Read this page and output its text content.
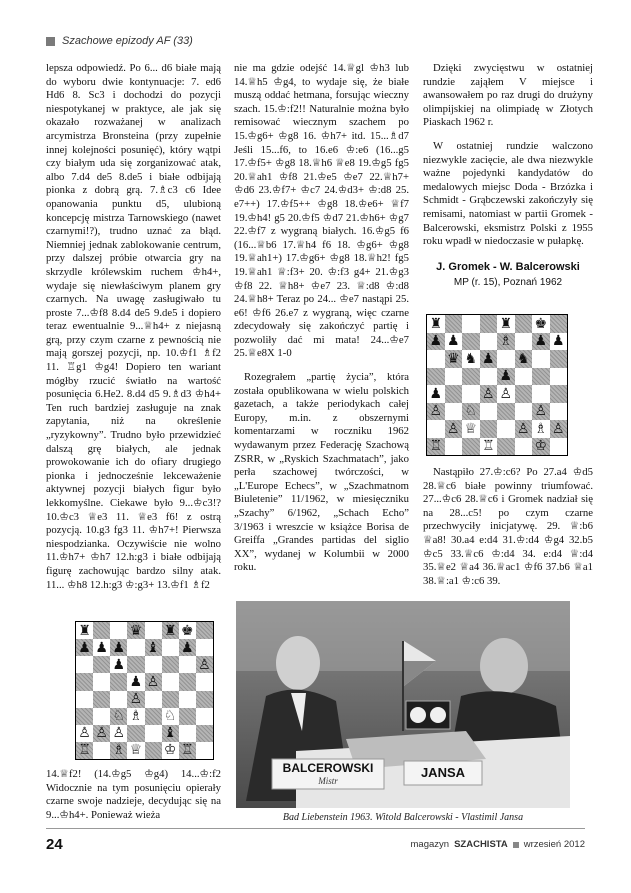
Szachowe epizody AF (33)

lepsza odpowiedź. Po 6... d6 białe mają do wyboru dwie kontynuacje: 7. ed6 Hd6 8. Sc3 i dochodzi do pozycji niespotykanej w praktyce, ale jak się okazało rozważanej w analizach arcymistrza Bronsteina (przy zupełnie innej kolejności posunięć), który wątpi czy białym uda się zorganizować atak, albo 7.d4 de5 8.de5 i białe odbijają pionka z dobrą grą. 7.♗c3 c6 Idee opanowania punktu d5, ulubioną koncepcję mistrza Tarnowskiego (nawet czarnymi!?), trudno uznać za błąd. Niemniej jednak zablokowanie centrum, przy dalszej próbie otwarcia gry na skrzydle królewskim ruchem ♔h4+, wydaje się niewłaściwym planem gry czarnych. Na uwagę zasługiwało tu proste 7...♔f8 8.d4 de5 9.de5 i dopiero teraz ewentualnie 9...♕h4+ z niejasną grą, przy czym czarne z pewnością nie mają gorszej pozycji, np. 10.♔f1 ♗f2 11. ♖g1 ♔g4! Dopiero ten wariant mógłby rzucić światło na wartość posunięcia 6.He2. 8.d4 d5 9.♗d3 ♔h4+ Ten ruch bardziej zasługuje na znak zapytania, niż na określenie „ryzykowny”. Trudno było przewidzieć dalszą grę białych, ale jednak prowokowanie ich do ofiary drugiego pionka i jednocześnie lekceważenie aktywnej pozycji białych figur było lekkomyślne. Ciekawe było 9...♔c3!? 10.♔c3 ♕e3 11. ♕e3 f6! z ostrą pozycją. 10.g3 fg3 11. ♔h7+! Pierwsza niespodzianka. Oczywiście nie wolno 11.♔h7+ ♔h7 12.h:g3 i białe odbijają figurę zachowując bardzo silny atak. 11... ♔h8 12.h:g3 ♔:g3+ 13.♔f1 ♗f2

♜	♛ ♜ ♚
♟ ♟ ♟ ♝ ♟
♟	♙
♟ ♙
♙
♘ ♗ ♘
♙ ♙ ♙	♝
♖ ♗ ♕ ♔ ♖
14.♕f2! (14.♔g5 ♔g4) 14...♔:f2 Widocznie na tym posunięciu opierały czarne swoje nadzieje, decydując się na 9...♔h4+. Ponieważ wieża

nie ma gdzie odejść 14.♕gl ♔h3 lub 14.♕h5 ♔g4, to wydaje się, że białe muszą oddać hetmana, forsując wieczny szach. 15.♔:f2!! Naturalnie można było remisować wiecznym szachem po 15.♔g6+ ♔g8 16. ♔h7+ itd. 15...♗d7 Jeśli 15...f6, to 16.e6 ♔:e6 (16...g5 17.♔f5+ ♔g8 18.♕h6 ♕e8 19.♔g5 fg5 20.♕ah1 ♔f8 21.♔e5 ♔e7 22.♕h7+ ♔d6 23.♔f7+ ♔c7 24.♔d3+ ♔:d8 25. e7++) 17.♔f5++ ♔g8 18.♔e6+ ♕f7 19.♔h4! g5 20.♔f5 ♔d7 21.♔h6+ ♔g7 22.♔f7 z wygraną białych. 16.♔g5 f6 (16...♕b6 17.♕h4 f6 18. ♔g6+ ♔g8 19.♕ah1+) 17.♔g6+ ♔g8 18.♕h2! fg5 19.♕ah1 ♕:f3+ 20. ♔:f3 g4+ 21.♔g3 ♔f8 22. ♕h8+ ♔e7 23. ♕:d8 ♔:d8 24.♕h8+ Teraz po 24... ♔e7 nastąpi 25. e6! ♔f6 26.e7 z wygraną, więc czarne zdecydowały się zakończyć partię i pozwoliły dać mi mata! 24...♔e7 25.♕e8X 1-0

Rozegrałem „partię życia”, która została opublikowana w wielu polskich gazetach, a także periodykach całej Europy, m.in. z obszernymi komentarzami w roczniku 1962 wydawanym przez Federację Szachową ZSRR, w „Ryskich Szachmatach”, jako perła szachowej twórczości, w „L'Europe Echecs”, w „Szachmatnom Biuletenie” 11/1962, w miesięczniku „Szachy” 6/1962, „Schach Echo” 3/1963 i wreszcie w książce Borisa de Greiffa „Grandes partidas del siglio XX”, wydanej w Kolumbii w 2000 roku.

Dzięki zwycięstwu w ostatniej rundzie zająłem V miejsce i awansowałem po raz drugi do drużyny olimpijskiej na olimpiadę w Złotych Piaskach 1962 r.

W ostatniej rundzie walczono niezwykle zacięcie, ale dwa niezwykle ważne pojedynki kandydatów do medalowych miejsc Doda - Brzózka i Schmidt - Grąbczewski zakończyły się remisami, natomiast w partii Gromek - Balcerowski, eksmistrz Polski z 1955 roku wpadł w niedoczasie w pułapkę.

J. Gromek - W. Balcerowski
MP (r. 15), Poznań 1962
♜	♜ ♚
♟ ♟	♗ ♟ ♟
♛ ♞ ♟ ♞
♟
♟	♙ ♙
♙ ♘	♙
♙ ♕	♙ ♗ ♙
♖	♖	♔

Nastąpiło 27.♔:c6? Po 27.a4 ♔d5 28.♕c6 białe powinny triumfować. 27...♔c6 28.♕c6 i Gromek nadział się na 28...c5! po czym czarne przechwyciły inicjatywę. 29. ♕:b6 ♕a8! 30.a4 e:d4 31.♔:d4 ♔g4 32.b5 ♔c5 33.♕c6 ♔:d4 34. e:d4 ♕:d4 35.♕e2 ♕a4 36.♕ac1 ♔f6 37.b6 ♕a1 38.♕:a1 ♔:c6 39.

BALCEROWSKI
Mistr
JANSA
Bad Liebenstein 1963. Witold Balcerowski - Vlastimil Jansa
24	magazyn SZACHISTA wrzesień 2012
